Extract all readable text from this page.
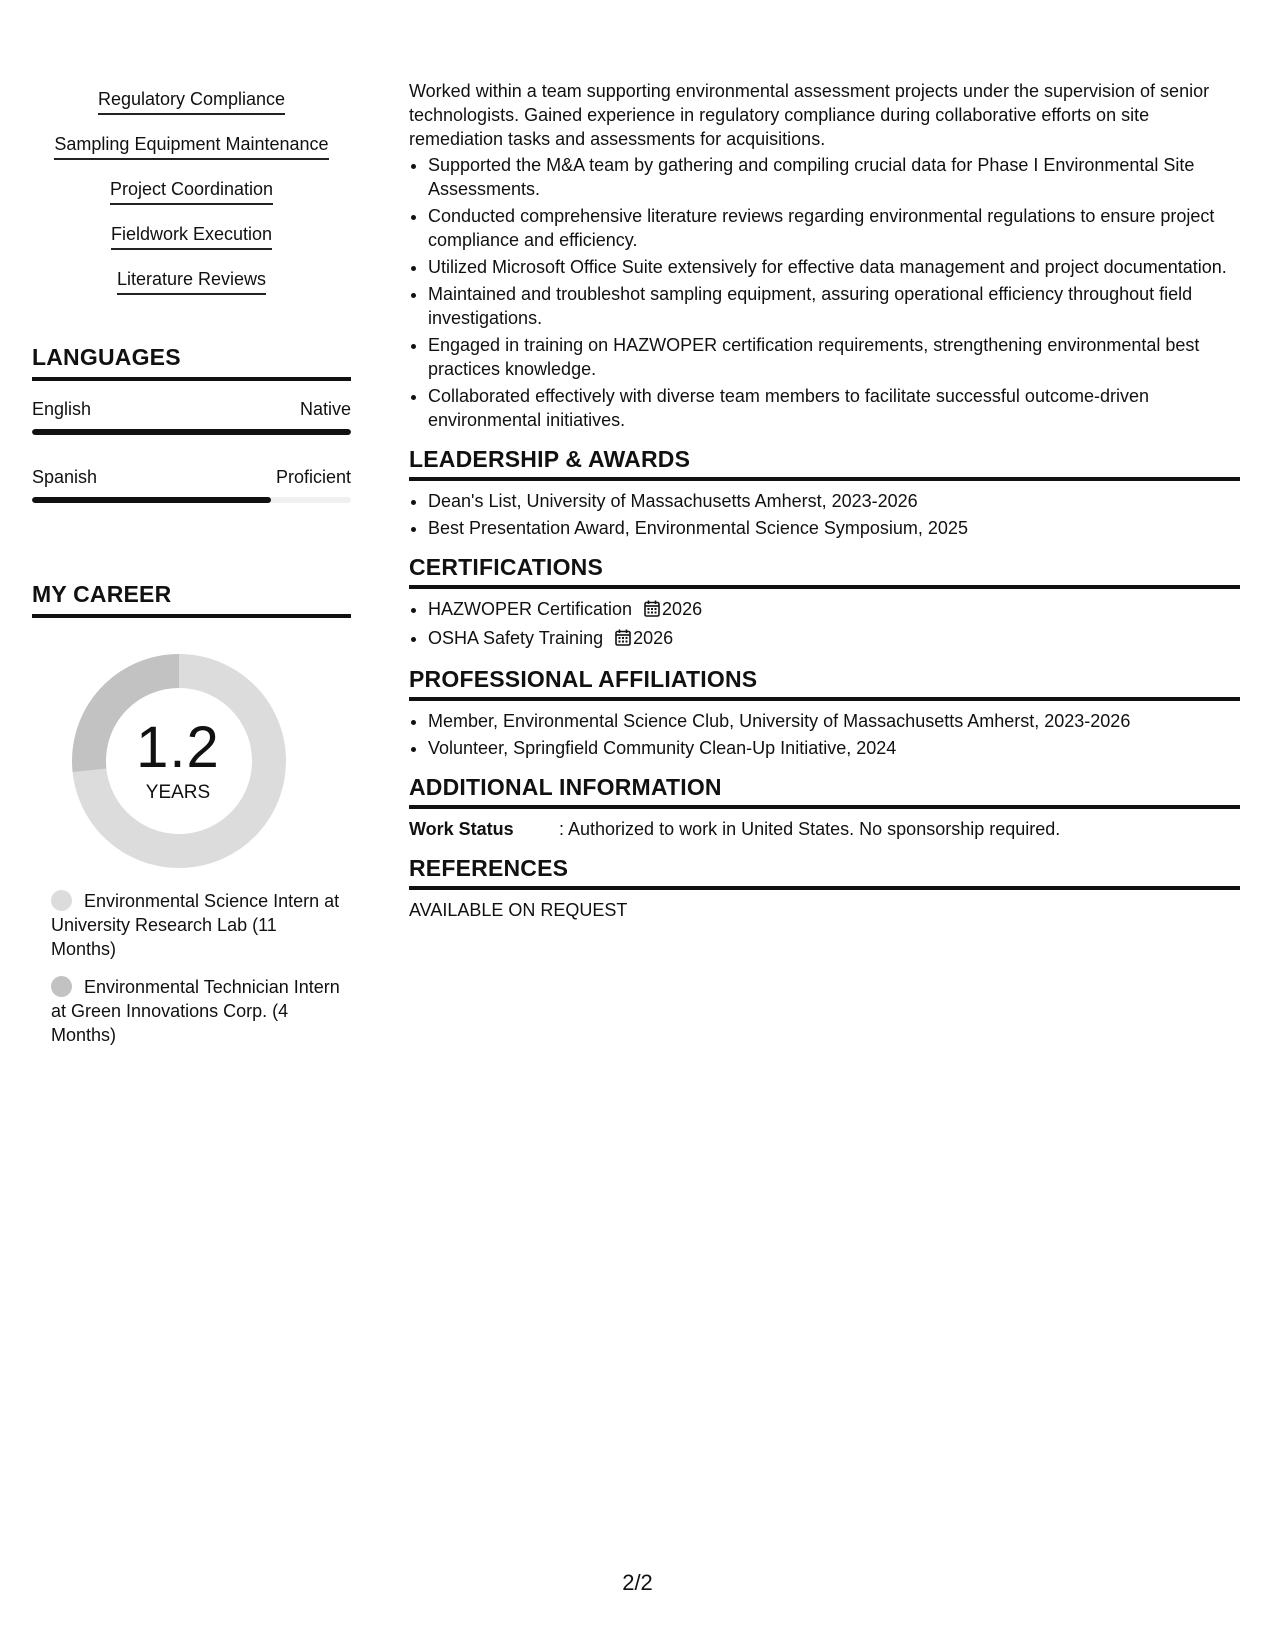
Regulatory Compliance
Sampling Equipment Maintenance
Project Coordination
Fieldwork Execution
Literature Reviews
LANGUAGES
English	Native
Spanish	Proficient
MY CAREER
1.2
YEARS
Environmental Science Intern at University Research Lab (11 Months)
Environmental Technician Intern at Green Innovations Corp. (4 Months)

Worked within a team supporting environmental assessment projects under the supervision of senior technologists. Gained experience in regulatory compliance during collaborative efforts on site remediation tasks and assessments for acquisitions.

• Supported the M&A team by gathering and compiling crucial data for Phase I Environmental Site Assessments.
• Conducted comprehensive literature reviews regarding environmental regulations to ensure project compliance and efficiency.
• Utilized Microsoft Office Suite extensively for effective data management and project documentation.
• Maintained and troubleshot sampling equipment, assuring operational efficiency throughout field investigations.
• Engaged in training on HAZWOPER certification requirements, strengthening environmental best practices knowledge.
• Collaborated effectively with diverse team members to facilitate successful outcome-driven environmental initiatives.
LEADERSHIP & AWARDS
• Dean's List, University of Massachusetts Amherst, 2023-2026
• Best Presentation Award, Environmental Science Symposium, 2025
CERTIFICATIONS
• HAZWOPER Certification 2026
• OSHA Safety Training 2026
PROFESSIONAL AFFILIATIONS
• Member, Environmental Science Club, University of Massachusetts Amherst, 2023-2026
• Volunteer, Springfield Community Clean-Up Initiative, 2024
ADDITIONAL INFORMATION
Work Status	: Authorized to work in United States. No sponsorship required.
REFERENCES
AVAILABLE ON REQUEST
2/2
